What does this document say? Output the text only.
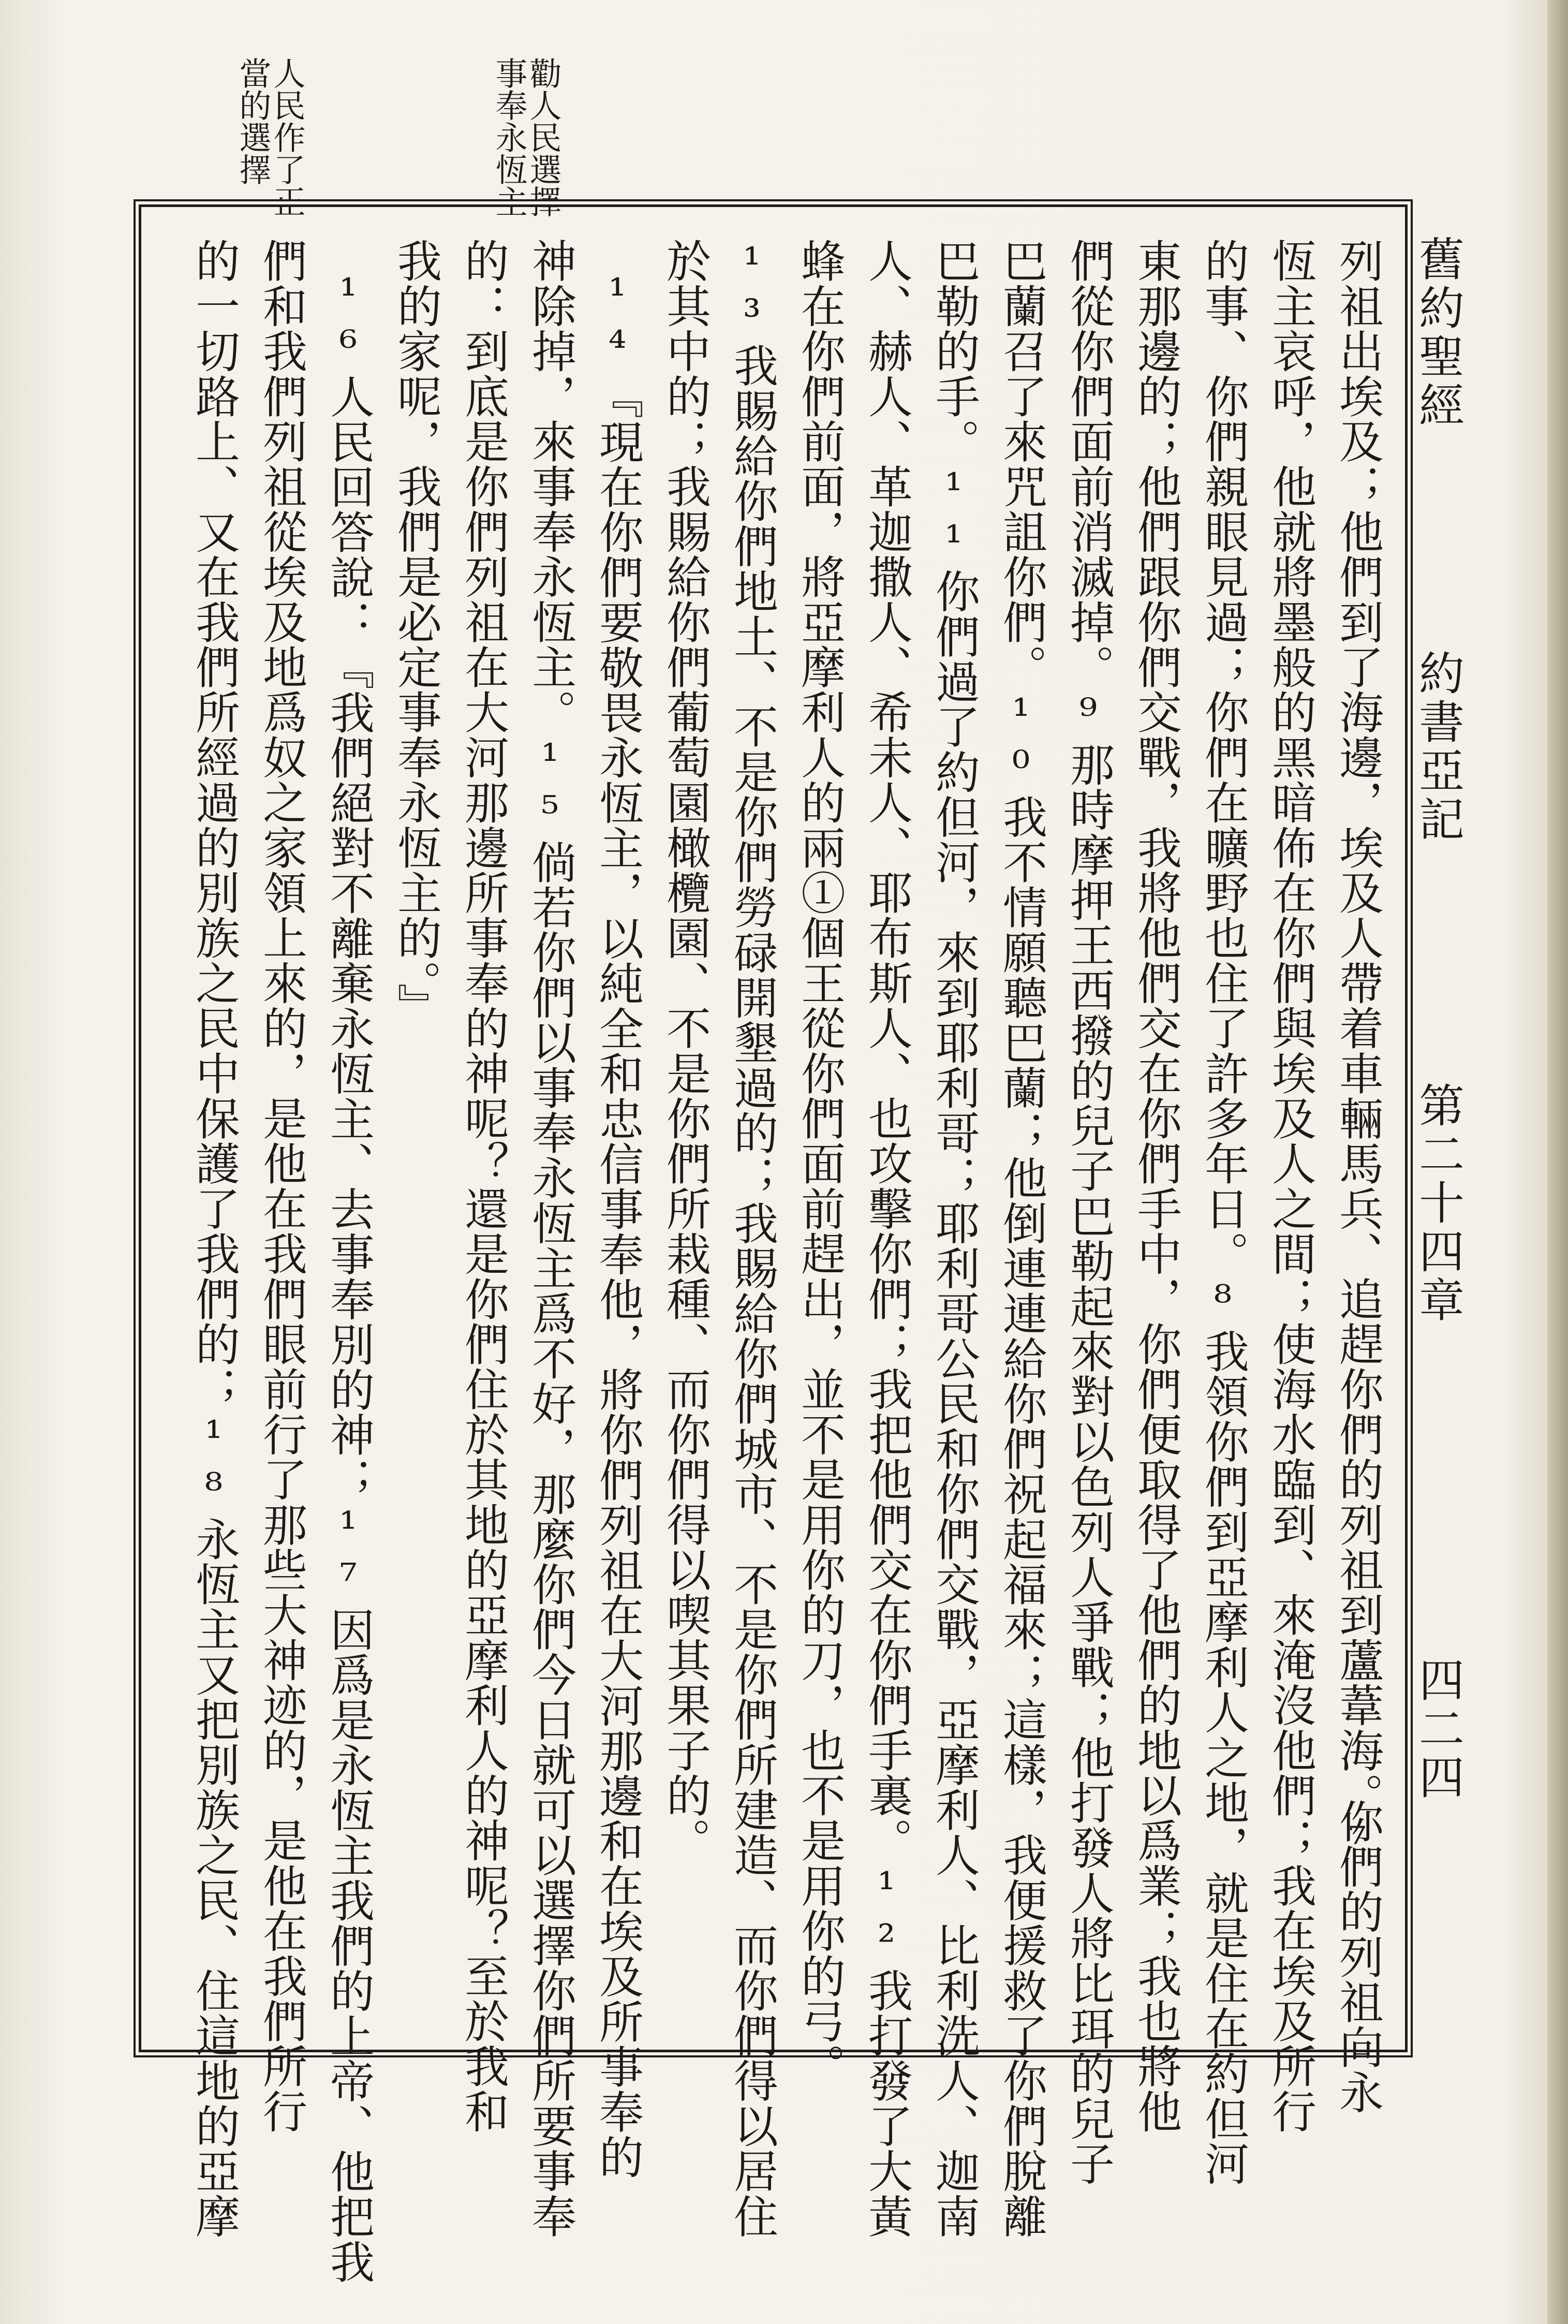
舊約聖經
約書亞記
第二十四章
四二四
勸人民選擇事奉永恆主
人民作了正當的選擇
列祖出埃及；他們到了海邊，埃及人帶着車輛馬兵、追趕你們的列祖到蘆葦海。⁷
你們的列祖向永
恆主哀呼，他就將墨般的黑暗佈在你們與埃及人之間；使海水臨到、來淹沒他們；我在埃及所行
的事、你們親眼見過；你們在曠野也住了許多年日。⁸我領你們到亞摩利人之地，就是住在約但河
東那邊的；他們跟你們交戰，我將他們交在你們手中，你們便取得了他們的地以爲業；我也將他
們從你們面前消滅掉。⁹那時摩押王西撥的兒子巴勒起來對以色列人爭戰；他打發人將比珥的兒子
巴蘭召了來咒詛你們。¹⁰我不情願聽巴蘭；他倒連連給你們祝起福來；這樣，我便援救了你們脫離
巴勒的手。¹¹你們過了約但河，來到耶利哥；耶利哥公民和你們交戰，亞摩利人、比利洗人、迦南
人、赫人、革迦撒人、希未人、耶布斯人、也攻擊你們；我把他們交在你們手裏。¹²我打發了大黃
蜂在你們前面，將亞摩利人的兩①個王從你們面前趕出，並不是用你的刀，也不是用你的弓。
¹³我賜給你們地土、不是你們勞碌開墾過的；我賜給你們城市、不是你們所建造、而你們得以居住
於其中的；我賜給你們葡萄園橄欖園、不是你們所栽種、而你們得以喫其果子的。
¹⁴『現在你們要敬畏永恆主，以純全和忠信事奉他，將你們列祖在大河那邊和在埃及所事奉的
神除掉，來事奉永恆主。¹⁵倘若你們以事奉永恆主爲不好，那麼你們今日就可以選擇你們所要事奉
的：到底是你們列祖在大河那邊所事奉的神呢？還是你們住於其地的亞摩利人的神呢？至於我和
我的家呢，我們是必定事奉永恆主的。』
¹⁶人民回答說：『我們絕對不離棄永恆主、去事奉別的神；¹⁷因爲是永恆主我們的上帝、他把我
們和我們列祖從埃及地爲奴之家領上來的，是他在我們眼前行了那些大神迹的，是他在我們所行
的一切路上、又在我們所經過的別族之民中保護了我們的；¹⁸永恆主又把別族之民、住這地的亞摩
